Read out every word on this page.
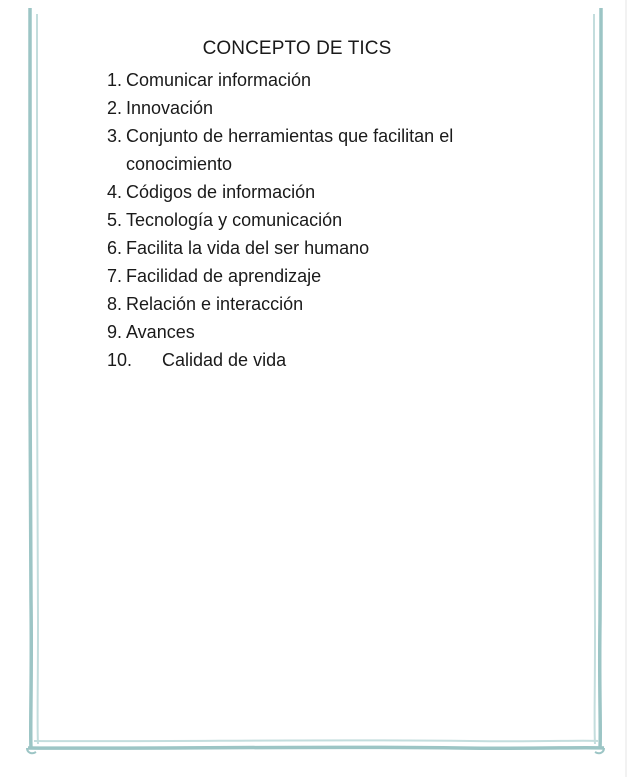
CONCEPTO DE TICS
1. Comunicar información
2. Innovación
3. Conjunto de herramientas que facilitan el conocimiento
4. Códigos de información
5. Tecnología y comunicación
6. Facilita la vida del ser humano
7. Facilidad de aprendizaje
8. Relación e interacción
9. Avances
10. Calidad de vida
